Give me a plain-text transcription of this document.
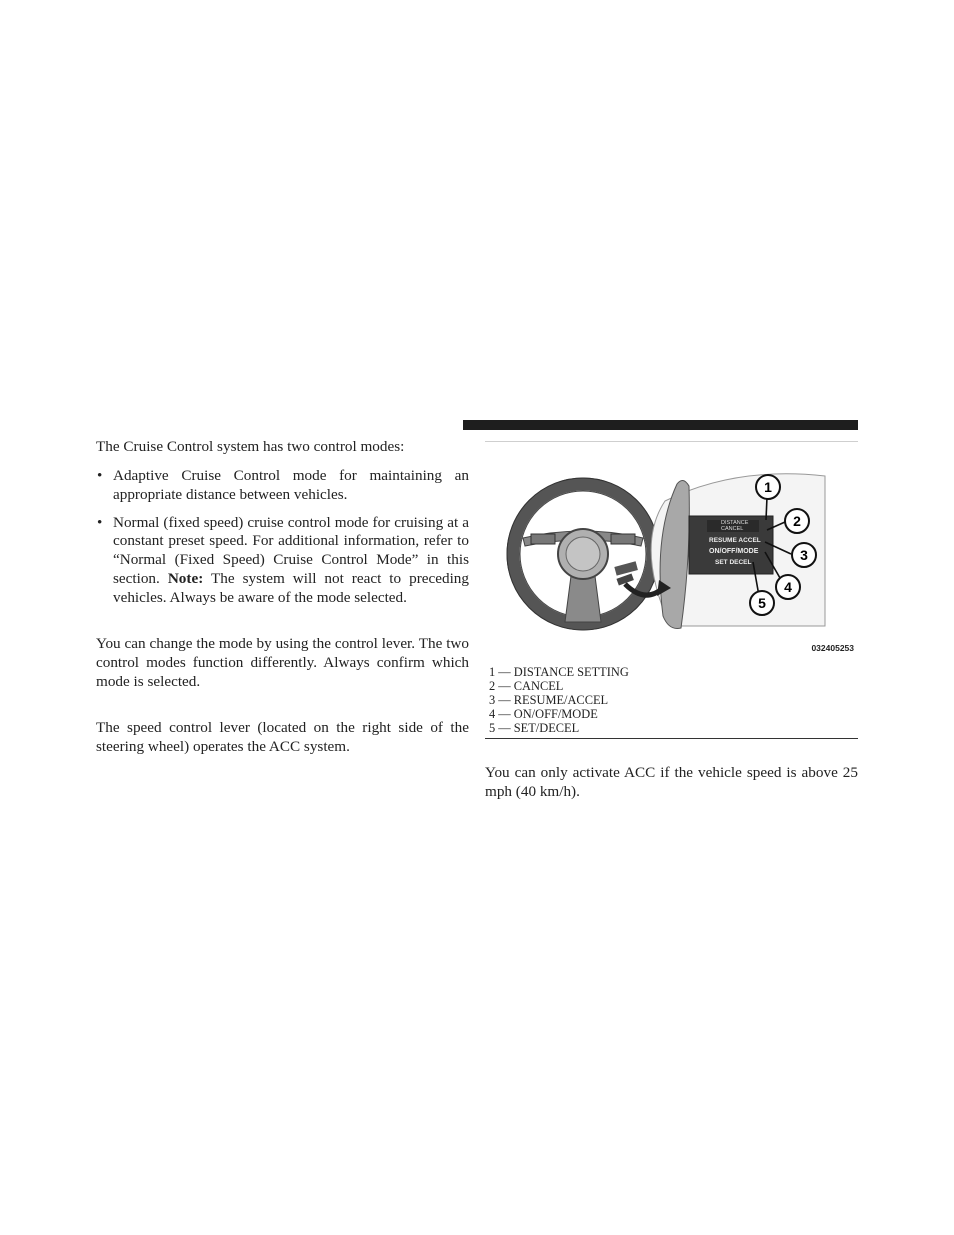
The Cruise Control system has two control modes:

• Adaptive Cruise Control mode for maintaining an appropriate distance between vehicles.
• Normal (fixed speed) cruise control mode for cruising at a constant preset speed. For additional information, refer to “Normal (Fixed Speed) Cruise Control Mode” in this section. Note: The system will not react to preceding vehicles. Always be aware of the mode selected.

You can change the mode by using the control lever. The two control modes function differently. Always confirm which mode is selected.

The speed control lever (located on the right side of the steering wheel) operates the ACC system.

DISTANCE
CANCEL
RESUME ACCEL
ON/OFF/MODE
SET DECEL
1
2
3
4
5
032405253
1 — DISTANCE SETTING
2 — CANCEL
3 — RESUME/ACCEL
4 — ON/OFF/MODE
5 — SET/DECEL

You can only activate ACC if the vehicle speed is above 25 mph (40 km/h).
